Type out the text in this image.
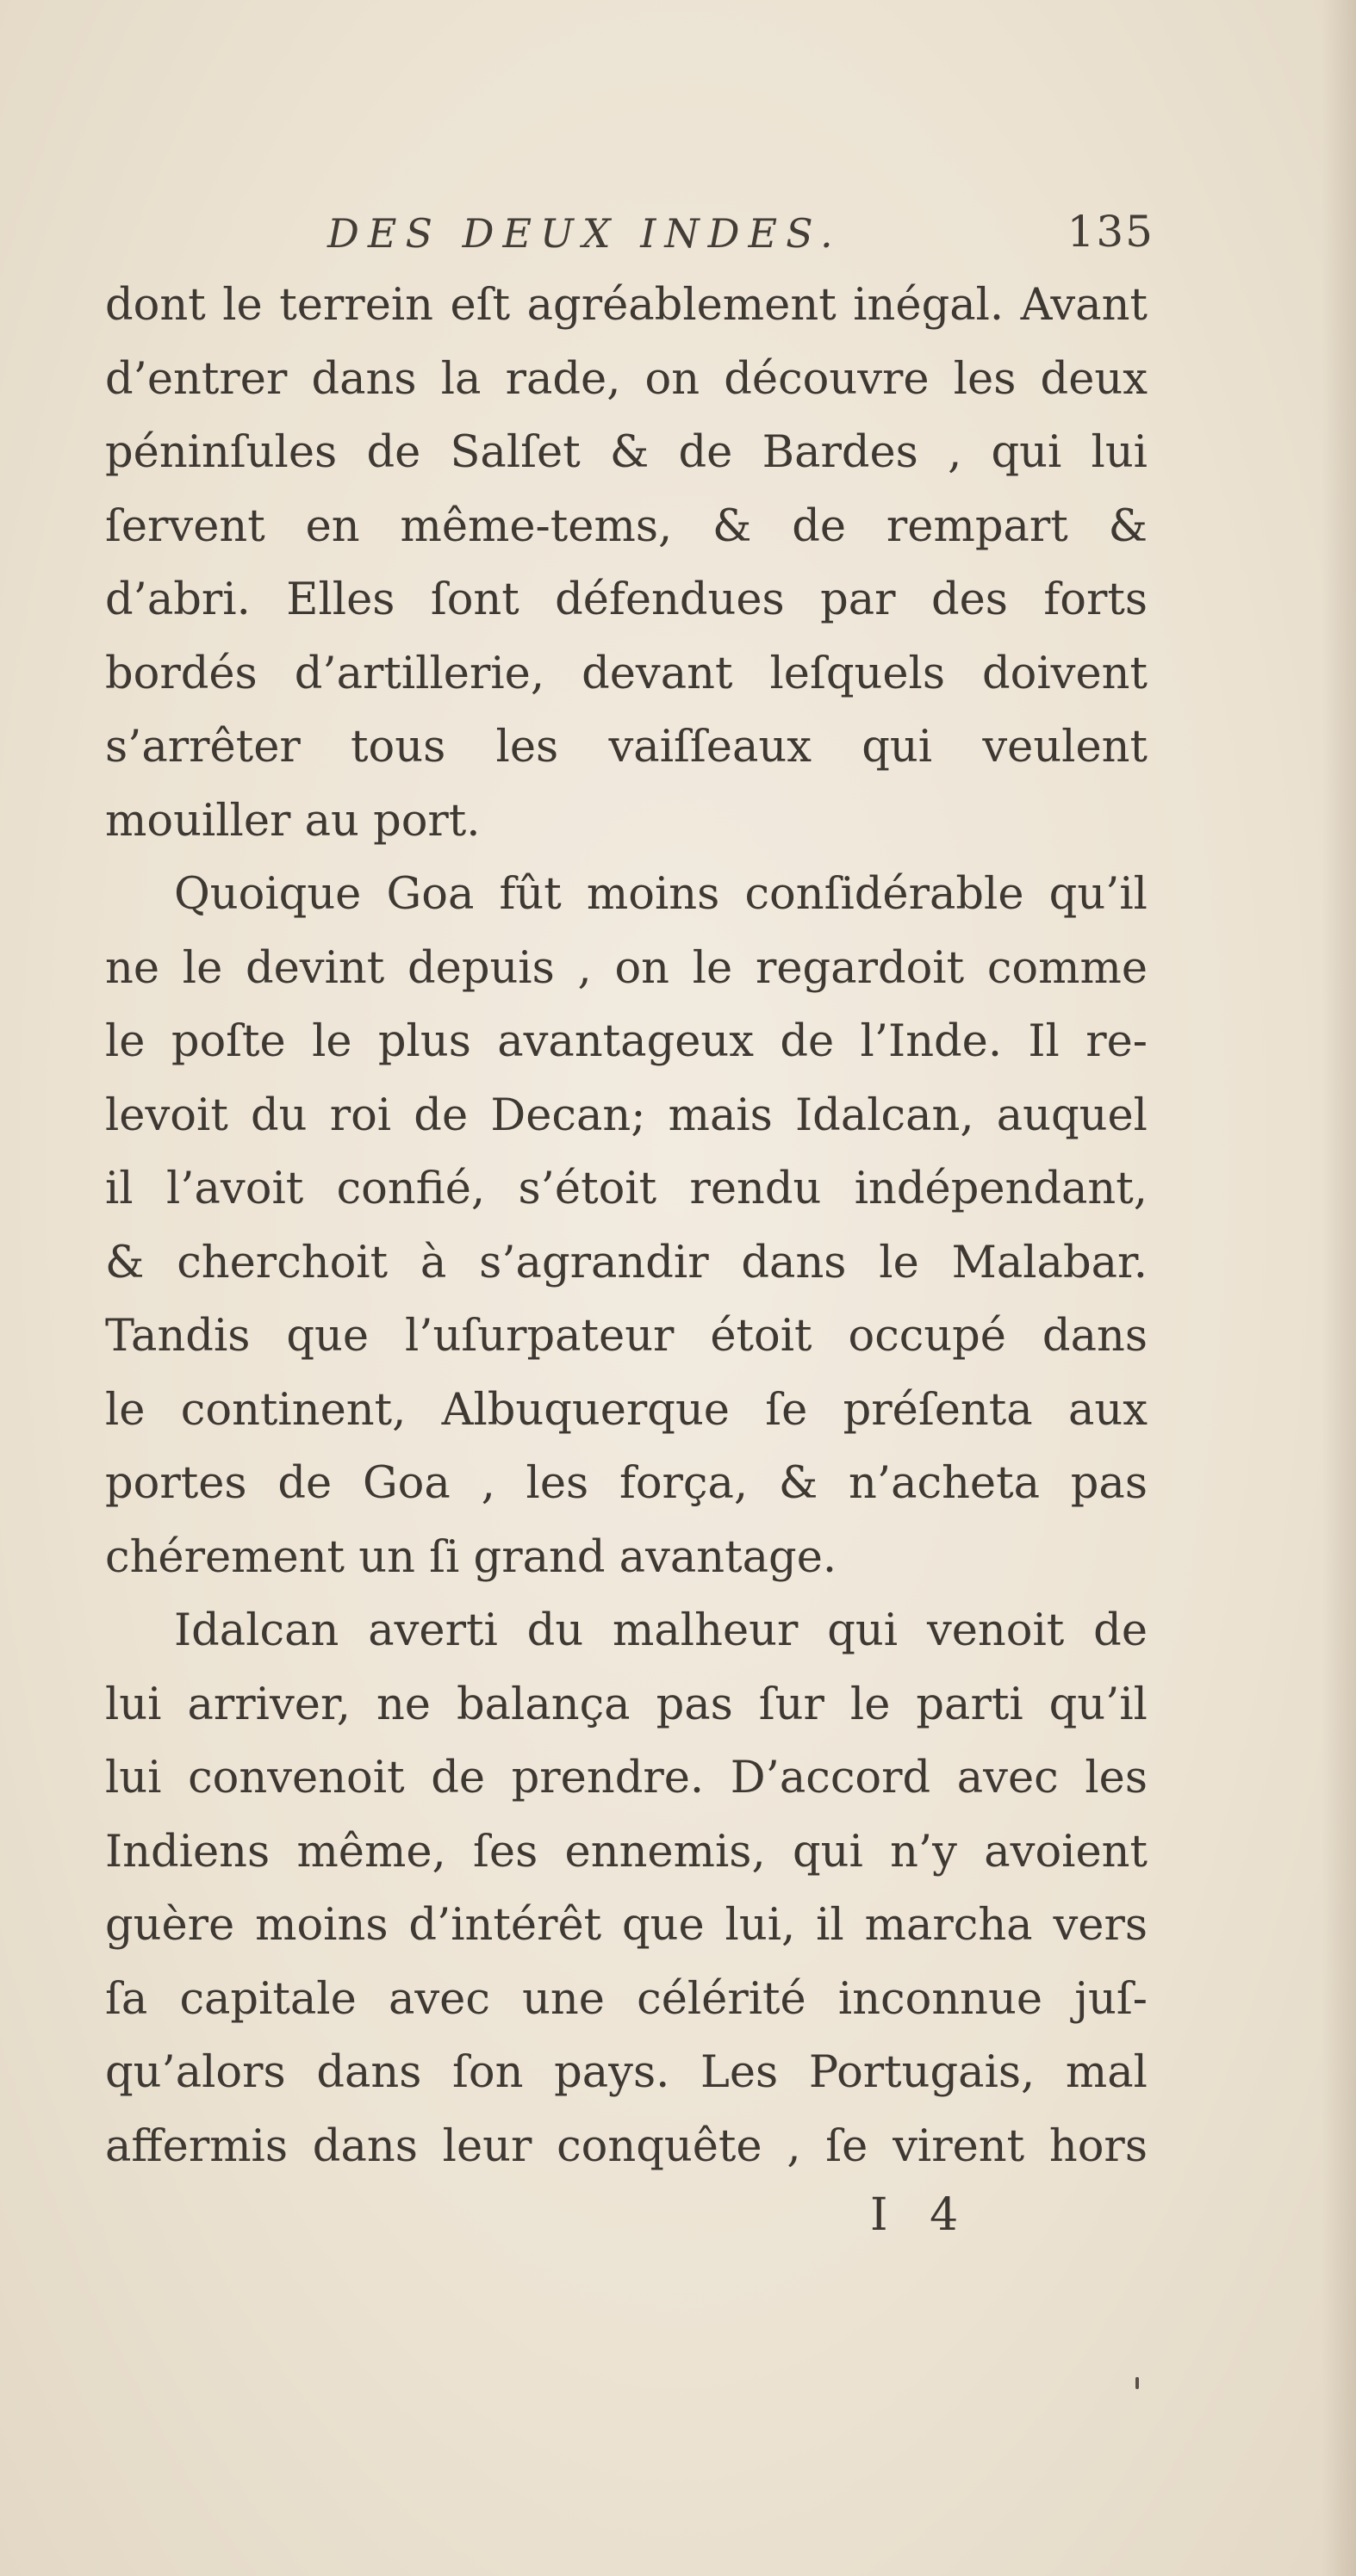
DES DEUX INDES.	135
dont le terrein eſt agréablement inégal. Avant
d’entrer dans la rade, on découvre les deux
péninſules de Salſet & de Bardes , qui lui
ſervent en même-tems, & de rempart &
d’abri. Elles ſont défendues par des forts
bordés d’artillerie, devant leſquels doivent
s’arrêter tous les vaiſſeaux qui veulent
mouiller au port.
Quoique Goa fût moins conſidérable qu’il
ne le devint depuis , on le regardoit comme
le poſte le plus avantageux de l’Inde. Il re-
levoit du roi de Decan; mais Idalcan, auquel
il l’avoit confié, s’étoit rendu indépendant,
& cherchoit à s’agrandir dans le Malabar.
Tandis que l’uſurpateur étoit occupé dans
le continent, Albuquerque ſe préſenta aux
portes de Goa , les força, & n’acheta pas
chérement un ſi grand avantage.
Idalcan averti du malheur qui venoit de
lui arriver, ne balança pas ſur le parti qu’il
lui convenoit de prendre. D’accord avec les
Indiens même, ſes ennemis, qui n’y avoient
guère moins d’intérêt que lui, il marcha vers
ſa capitale avec une célérité inconnue juſ-
qu’alors dans ſon pays. Les Portugais, mal
affermis dans leur conquête , ſe virent hors
I 4
